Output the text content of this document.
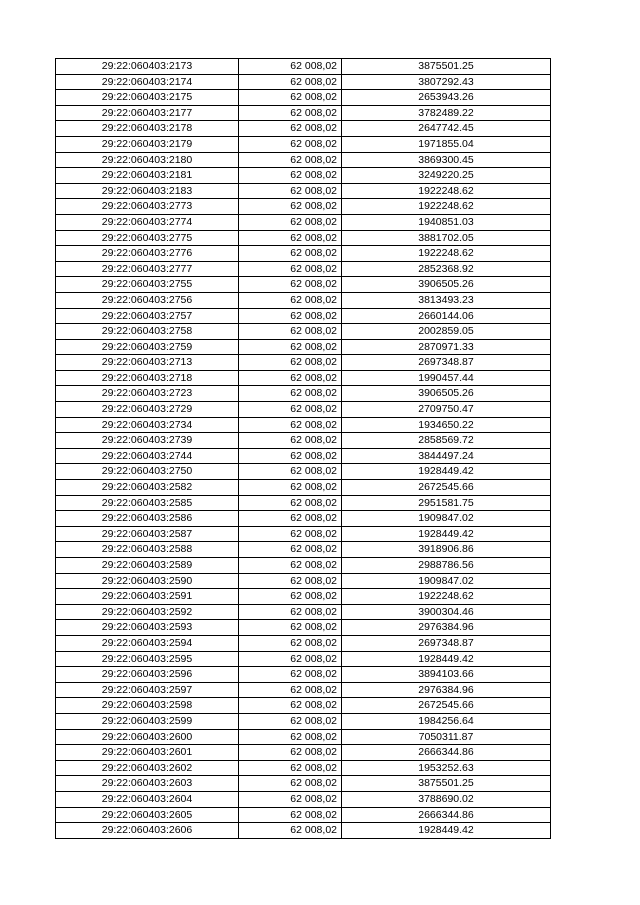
29:22:060403:2173	62 008,02	3875501.25
29:22:060403:2174	62 008,02	3807292.43
29:22:060403:2175	62 008,02	2653943.26
29:22:060403:2177	62 008,02	3782489.22
29:22:060403:2178	62 008,02	2647742.45
29:22:060403:2179	62 008,02	1971855.04
29:22:060403:2180	62 008,02	3869300.45
29:22:060403:2181	62 008,02	3249220.25
29:22:060403:2183	62 008,02	1922248.62
29:22:060403:2773	62 008,02	1922248.62
29:22:060403:2774	62 008,02	1940851.03
29:22:060403:2775	62 008,02	3881702.05
29:22:060403:2776	62 008,02	1922248.62
29:22:060403:2777	62 008,02	2852368.92
29:22:060403:2755	62 008,02	3906505.26
29:22:060403:2756	62 008,02	3813493.23
29:22:060403:2757	62 008,02	2660144.06
29:22:060403:2758	62 008,02	2002859.05
29:22:060403:2759	62 008,02	2870971.33
29:22:060403:2713	62 008,02	2697348.87
29:22:060403:2718	62 008,02	1990457.44
29:22:060403:2723	62 008,02	3906505.26
29:22:060403:2729	62 008,02	2709750.47
29:22:060403:2734	62 008,02	1934650.22
29:22:060403:2739	62 008,02	2858569.72
29:22:060403:2744	62 008,02	3844497.24
29:22:060403:2750	62 008,02	1928449.42
29:22:060403:2582	62 008,02	2672545.66
29:22:060403:2585	62 008,02	2951581.75
29:22:060403:2586	62 008,02	1909847.02
29:22:060403:2587	62 008,02	1928449.42
29:22:060403:2588	62 008,02	3918906.86
29:22:060403:2589	62 008,02	2988786.56
29:22:060403:2590	62 008,02	1909847.02
29:22:060403:2591	62 008,02	1922248.62
29:22:060403:2592	62 008,02	3900304.46
29:22:060403:2593	62 008,02	2976384.96
29:22:060403:2594	62 008,02	2697348.87
29:22:060403:2595	62 008,02	1928449.42
29:22:060403:2596	62 008,02	3894103.66
29:22:060403:2597	62 008,02	2976384.96
29:22:060403:2598	62 008,02	2672545.66
29:22:060403:2599	62 008,02	1984256.64
29:22:060403:2600	62 008,02	7050311.87
29:22:060403:2601	62 008,02	2666344.86
29:22:060403:2602	62 008,02	1953252.63
29:22:060403:2603	62 008,02	3875501.25
29:22:060403:2604	62 008,02	3788690.02
29:22:060403:2605	62 008,02	2666344.86
29:22:060403:2606	62 008,02	1928449.42
